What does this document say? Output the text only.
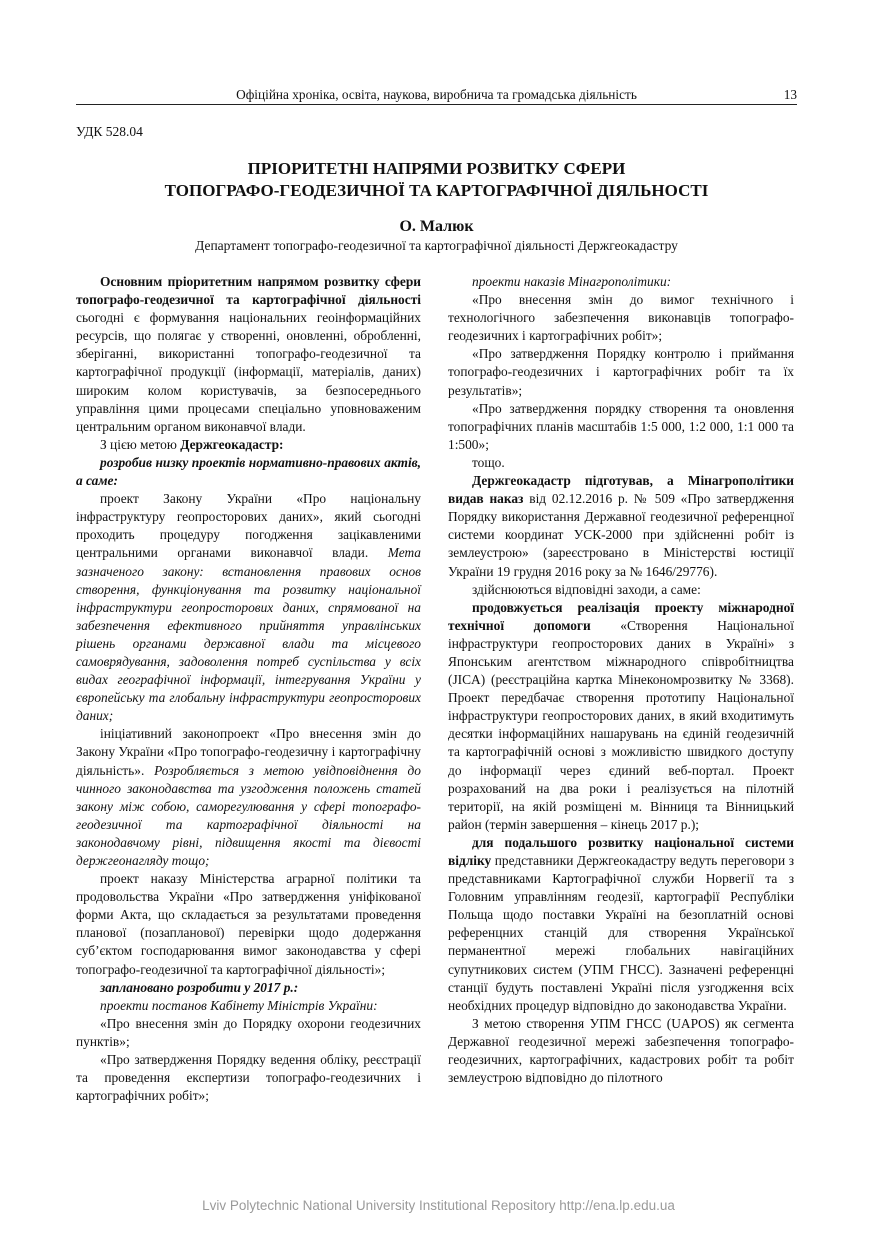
Офіційна хроніка, освіта, наукова, виробнича та громадська діяльність	13
УДК 528.04
ПРІОРИТЕТНІ НАПРЯМИ РОЗВИТКУ СФЕРИ
ТОПОГРАФО-ГЕОДЕЗИЧНОЇ ТА КАРТОГРАФІЧНОЇ ДІЯЛЬНОСТІ
О. Малюк
Департамент топографо-геодезичної та картографічної діяльності Держгеокадастру

Основним пріоритетним напрямом розвитку сфери топографо-геодезичної та картографічної діяльності сьогодні є формування національних геоінформаційних ресурсів, що полягає у створенні, оновленні, обробленні, зберіганні, використанні топографо-геодезичної та картографічної продукції (інформації, матеріалів, даних) широким колом користувачів, за безпосереднього управління цими процесами спеціально уповноваженим центральним органом виконавчої влади.

З цією метою Держгеокадастр:

розробив низку проектів нормативно-правових актів, а саме:

проект Закону України «Про національну інфраструктуру геопросторових даних», який сьогодні проходить процедуру погодження зацікавленими центральними органами виконавчої влади. Мета зазначеного закону: встановлення правових основ створення, функціонування та розвитку національної інфраструктури геопросторових даних, спрямованої на забезпечення ефективного прийняття управлінських рішень органами державної влади та місцевого самоврядування, задоволення потреб суспільства у всіх видах географічної інформації, інтегрування України у європейську та глобальну інфраструктури геопросторових даних;

ініціативний законопроект «Про внесення змін до Закону України «Про топографо-геодезичну і картографічну діяльність». Розробляється з метою увідповіднення до чинного законодавства та узгодження положень статей закону між собою, саморегулювання у сфері топографо-геодезичної та картографічної діяльності на законодавчому рівні, підвищення якості та дієвості держгеонагляду тощо;

проект наказу Міністерства аграрної політики та продовольства України «Про затвердження уніфікованої форми Акта, що складається за результатами проведення планової (позапланової) перевірки щодо додержання суб’єктом господарювання вимог законодавства у сфері топографо-геодезичної та картографічної діяльності»;

заплановано розробити у 2017 р.:

проекти постанов Кабінету Міністрів України:

«Про внесення змін до Порядку охорони геодезичних пунктів»;

«Про затвердження Порядку ведення обліку, реєстрації та проведення експертизи топографо-геодезичних і картографічних робіт»;

проекти наказів Мінагрополітики:

«Про внесення змін до вимог технічного і технологічного забезпечення виконавців топографо-геодезичних і картографічних робіт»;

«Про затвердження Порядку контролю і приймання топографо-геодезичних і картографічних робіт та їх результатів»;

«Про затвердження порядку створення та оновлення топографічних планів масштабів 1:5 000, 1:2 000, 1:1 000 та 1:500»;

тощо.

Держгеокадастр підготував, а Мінагрополітики видав наказ від 02.12.2016 р. № 509 «Про затвердження Порядку використання Державної геодезичної референцної системи координат УСК-2000 при здійсненні робіт із землеустрою» (зареєстровано в Міністерстві юстиції України 19 грудня 2016 року за № 1646/29776).

здійснюються відповідні заходи, а саме:

продовжується реалізація проекту міжнародної технічної допомоги «Створення Національної інфраструктури геопросторових даних в Україні» з Японським агентством міжнародного співробітництва (JICA) (реєстраційна картка Мінекономрозвитку № 3368). Проект передбачає створення прототипу Національної інфраструктури геопросторових даних, в який входитимуть десятки інформаційних нашарувань на єдиній геодезичній та картографічній основі з можливістю швидкого доступу до інформації через єдиний веб-портал. Проект розрахований на два роки і реалізується на пілотній території, на якій розміщені м. Вінниця та Вінницький район (термін завершення – кінець 2017 р.);

для подальшого розвитку національної системи відліку представники Держгеокадастру ведуть переговори з представниками Картографічної служби Норвегії та з Головним управлінням геодезії, картографії Республіки Польща щодо поставки Україні на безоплатній основі референцних станцій для створення Української перманентної мережі глобальних навігаційних супутникових систем (УПМ ГНСС). Зазначені референцні станції будуть поставлені Україні після узгодження всіх необхідних процедур відповідно до законодавства України.

З метою створення УПМ ГНСС (UAPOS) як сегмента Державної геодезичної мережі забезпечення топографо-геодезичних, картографічних, кадастрових робіт та робіт землеустрою відповідно до пілотного

Lviv Polytechnic National University Institutional Repository http://ena.lp.edu.ua
